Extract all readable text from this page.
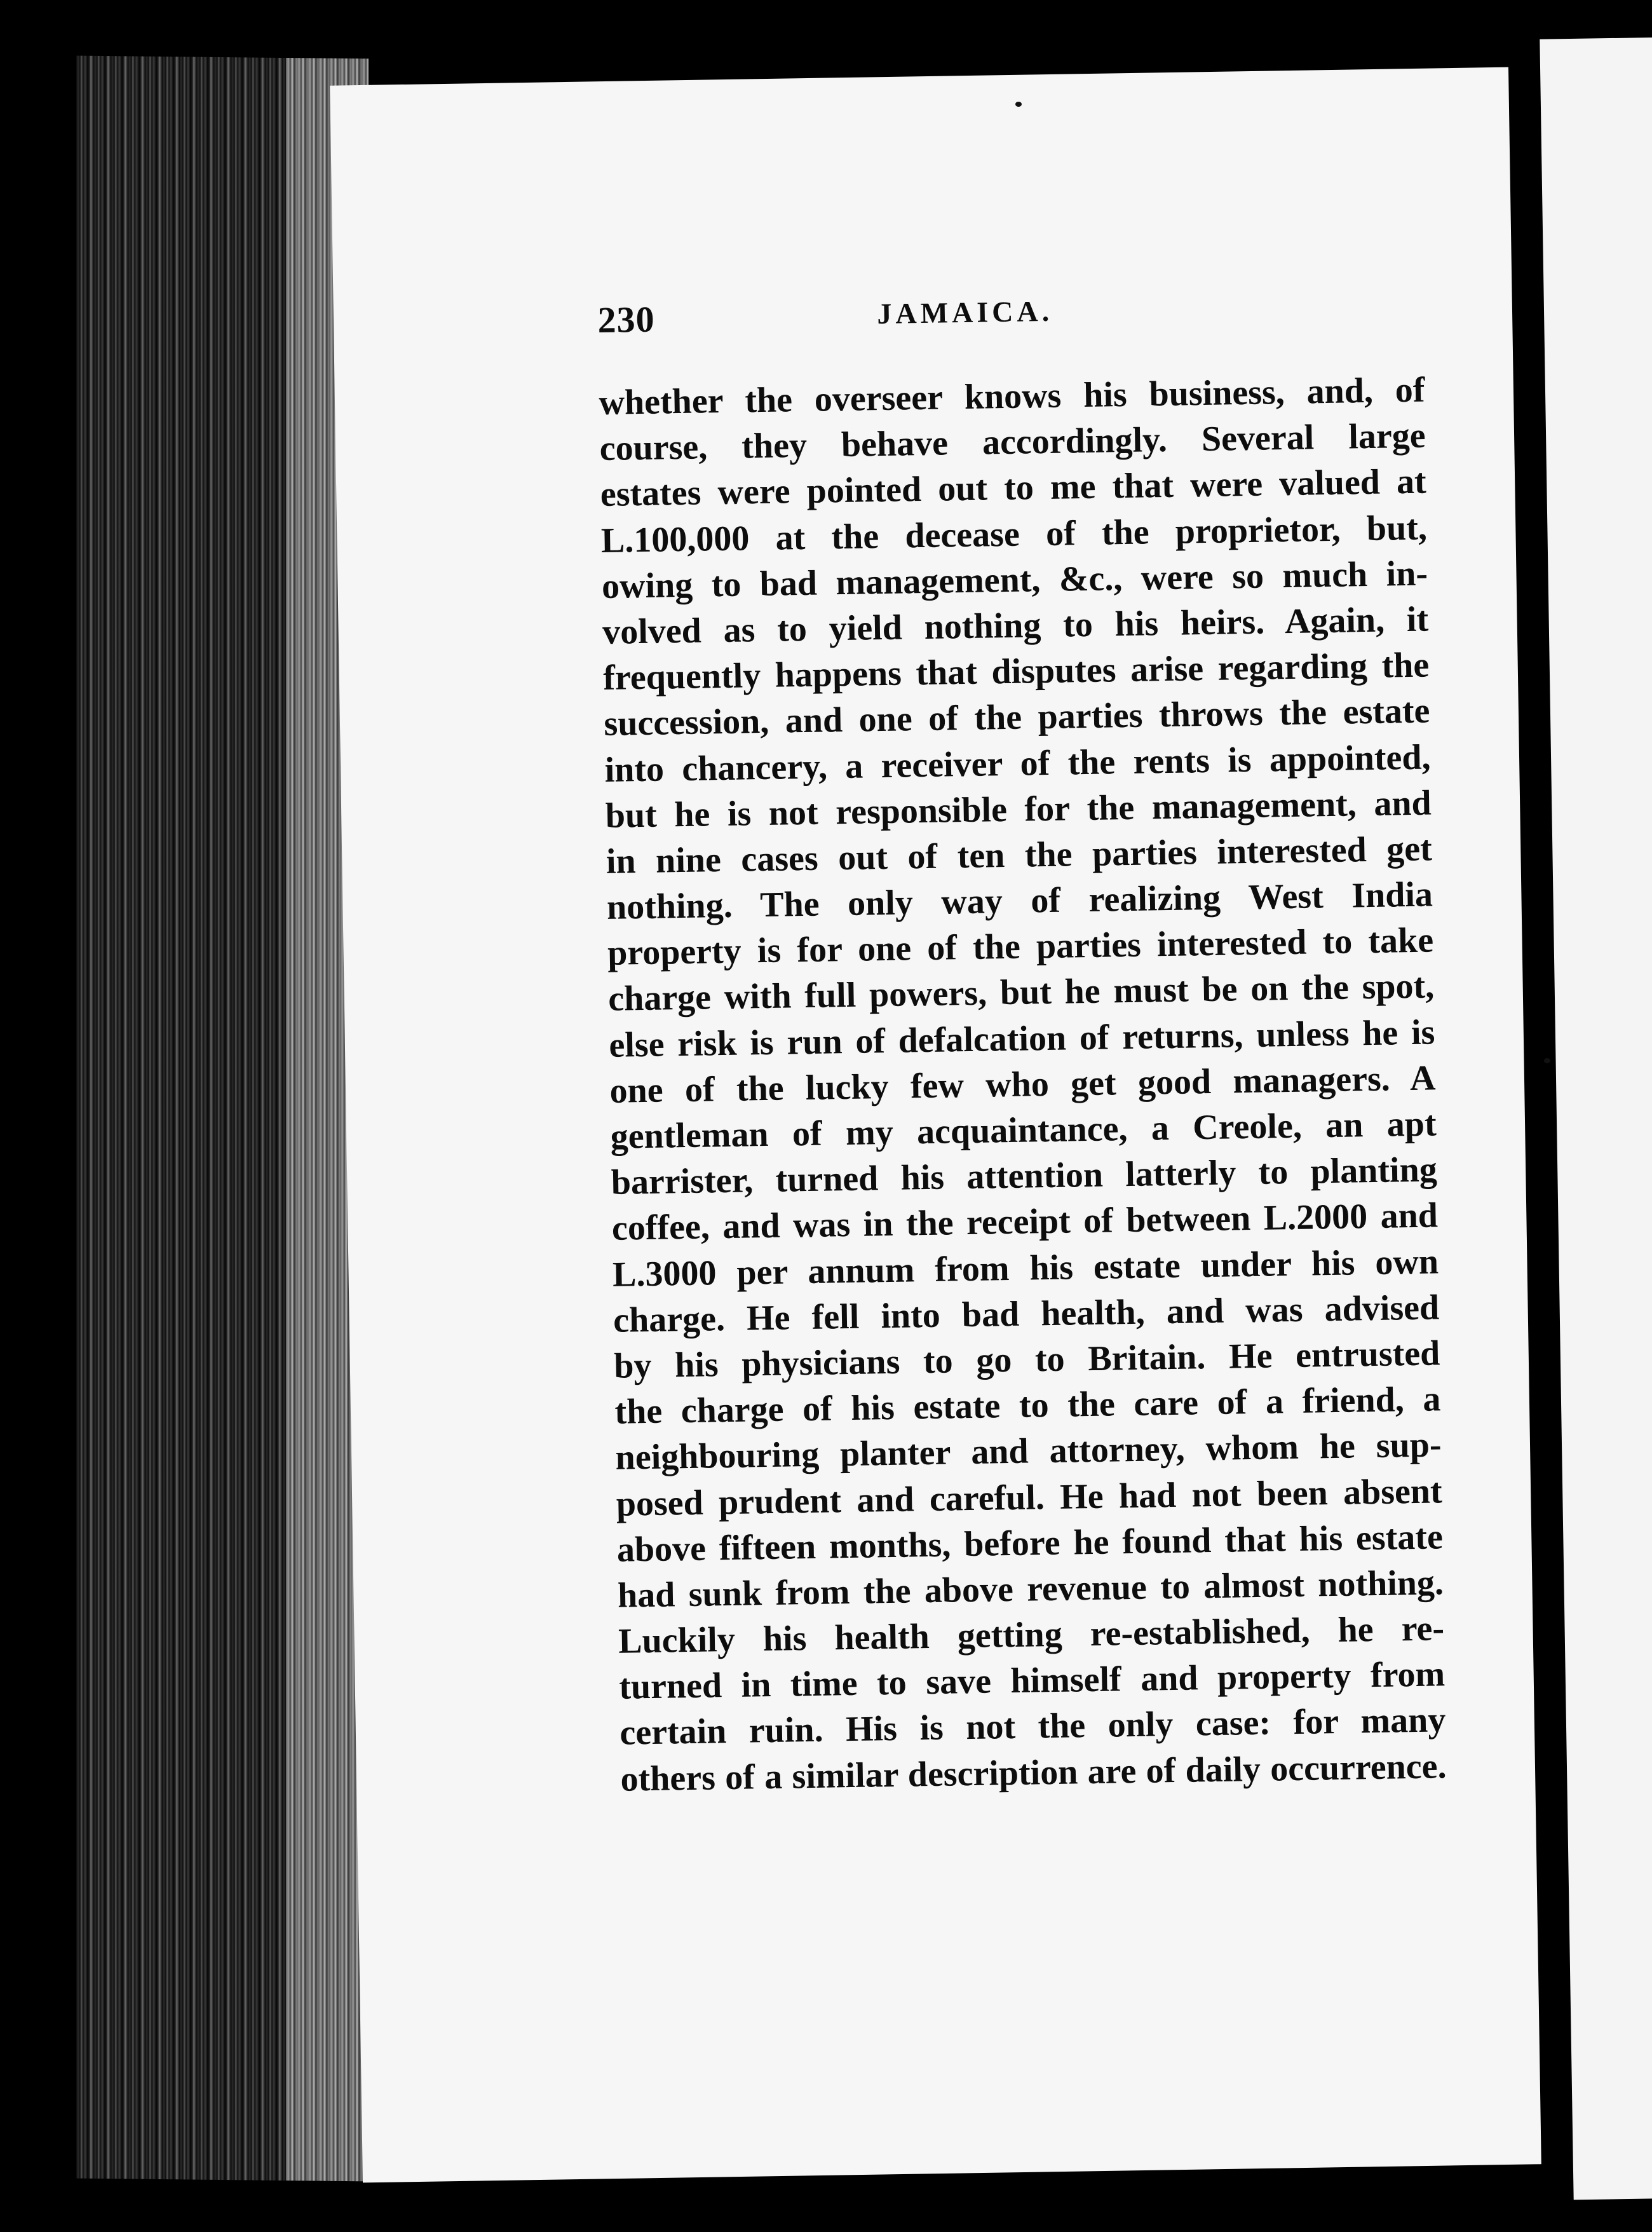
230	JAMAICA.
whether the overseer knows his business, and, of
course, they behave accordingly. Several large
estates were pointed out to me that were valued at
L.100,000 at the decease of the proprietor, but,
owing to bad management, &c., were so much in-
volved as to yield nothing to his heirs. Again, it
frequently happens that disputes arise regarding the
succession, and one of the parties throws the estate
into chancery, a receiver of the rents is appointed,
but he is not responsible for the management, and
in nine cases out of ten the parties interested get
nothing. The only way of realizing West India
property is for one of the parties interested to take
charge with full powers, but he must be on the spot,
else risk is run of defalcation of returns, unless he is
one of the lucky few who get good managers. A
gentleman of my acquaintance, a Creole, an apt
barrister, turned his attention latterly to planting
coffee, and was in the receipt of between L.2000 and
L.3000 per annum from his estate under his own
charge. He fell into bad health, and was advised
by his physicians to go to Britain. He entrusted
the charge of his estate to the care of a friend, a
neighbouring planter and attorney, whom he sup-
posed prudent and careful. He had not been absent
above fifteen months, before he found that his estate
had sunk from the above revenue to almost nothing.
Luckily his health getting re-established, he re-
turned in time to save himself and property from
certain ruin. His is not the only case: for many
others of a similar description are of daily occurrence.
